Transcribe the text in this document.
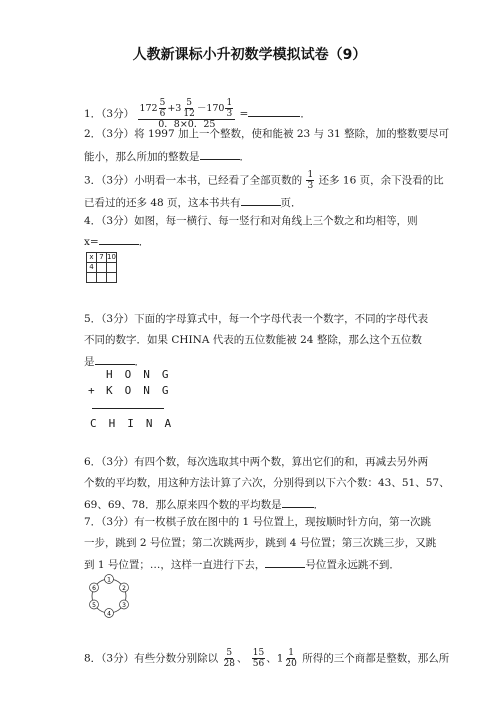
人教新课标小升初数学模拟试卷（9）
1．（3分） $172 \frac{5}{6} +3 \frac{5}{12} -170 \frac{1}{3}$
0．8×0．25
=	．
2．（3分）将 1997 加上一个整数，使和能被 23 与 31 整除，加的整数要尽可
能小，那么所加的整数是	．
3．（3分）小明看一本书，已经看了全部页数的 $\frac{1}{3}$ 还多 16 页，余下没看的比
已看过的还多 48 页，这本书共有	页．
4．（3分）如图，每一横行、每一竖行和对角线上三个数之和均相等，则
x=	．
x	7	10
4		

5．（3分）下面的字母算式中，每一个字母代表一个数字，不同的字母代表
不同的数字．如果 CHINA 代表的五位数能被 24 整除，那么这个五位数
是	．
HONG
+ KONG
CHINA
6．（3分）有四个数，每次选取其中两个数，算出它们的和，再减去另外两
个数的平均数，用这种方法计算了六次，分别得到以下六个数：43、51、57、
69、69、78．那么原来四个数的平均数是	．
7．（3分）有一枚棋子放在图中的 1 号位置上，现按顺时针方向，第一次跳
一步，跳到 2 号位置；第二次跳两步，跳到 4 号位置；第三次跳三步，又跳
到 1 号位置；…，这样一直进行下去，	号位置永远跳不到．
1
2
3
4
5
6
8．（3分）有些分数分别除以 $\frac{5}{28}$ 、 $\frac{15}{56}$ 、$1 \frac{1}{20}$ 所得的三个商都是整数，那么所
